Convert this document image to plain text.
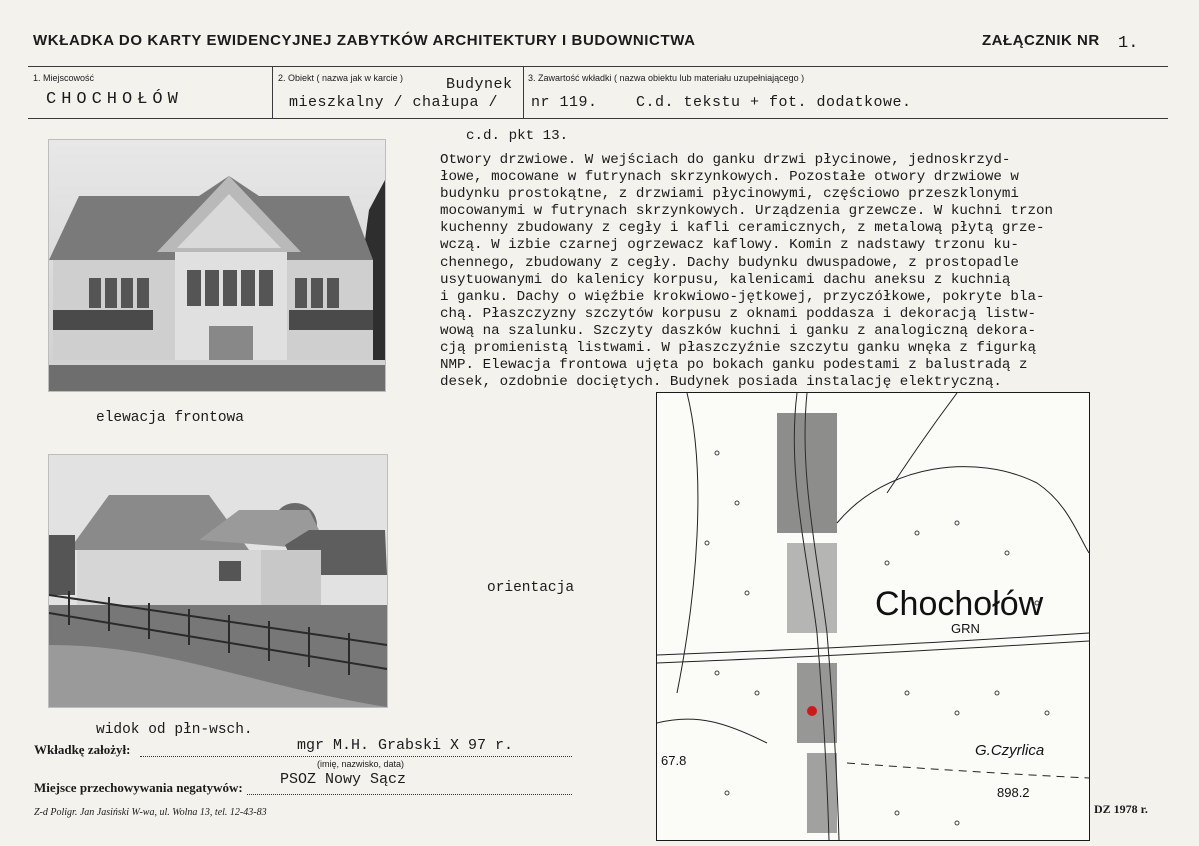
WKŁADKA DO KARTY EWIDENCYJNEJ ZABYTKÓW ARCHITEKTURY I BUDOWNICTWA	ZAŁĄCZNIK NR 1.
1. Miejscowość
CHOCHOŁÓW
2. Obiekt ( nazwa jak w karcie )	Budynek
mieszkalny / chałupa /
3. Zawartość wkładki ( nazwa obiektu lub materiału uzupełniającego )
nr 119.	C.d. tekstu + fot. dodatkowe.
c.d. pkt 13.
Otwory drzwiowe. W wejściach do ganku drzwi płycinowe, jednoskrzyd-
łowe, mocowane w futrynach skrzynkowych. Pozostałe otwory drzwiowe w
budynku prostokątne, z drzwiami płycinowymi, częściowo przeszklonymi
mocowanymi w futrynach skrzynkowych. Urządzenia grzewcze. W kuchni trzon
kuchenny zbudowany z cegły i kafli ceramicznych, z metalową płytą grze-
wczą. W izbie czarnej ogrzewacz kaflowy. Komin z nadstawy trzonu ku-
chennego, zbudowany z cegły. Dachy budynku dwuspadowe, z prostopadle
usytuowanymi do kalenicy korpusu, kalenicami dachu aneksu z kuchnią
i ganku. Dachy o więźbie krokwiowo-jętkowej, przyczółkowe, pokryte bla-
chą. Płaszczyzny szczytów korpusu z oknami poddasza i dekoracją listw-
wową na szalunku. Szczyty daszków kuchni i ganku z analogiczną dekora-
cją promienistą listwami. W płaszczyźnie szczytu ganku wnęka z figurką
NMP. Elewacja frontowa ujęta po bokach ganku podestami z balustradą z
desek, ozdobnie dociętych. Budynek posiada instalację elektryczną.
elewacja frontowa
widok od płn-wsch.
orientacja	Chochołów
GRN
G.Czyrlica
67.8
898.2
Wkładkę założył:	mgr M.H. Grabski X 97 r.
(imię, nazwisko, data)
Miejsce przechowywania negatywów: PSOZ Nowy Sącz
Z-d Poligr. Jan Jasiński W-wa, ul. Wolna 13, tel. 12-43-83	DZ 1978 r.
